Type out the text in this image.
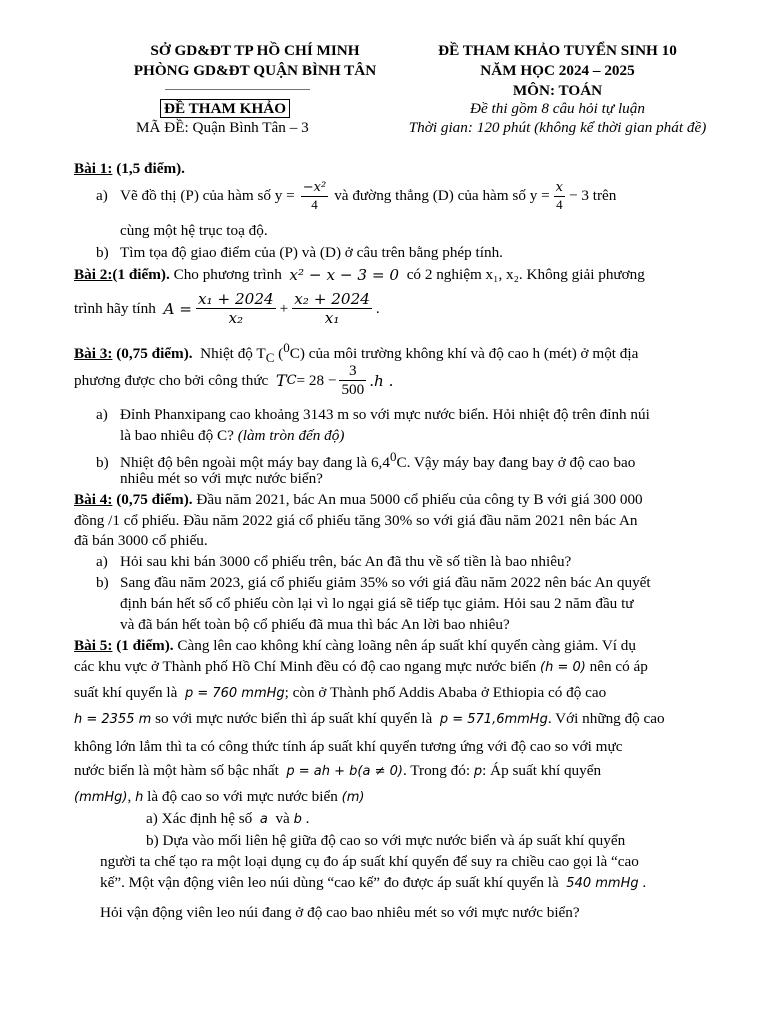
SỞ GD&ĐT TP HỒ CHÍ MINH
PHÒNG GD&ĐT QUẬN BÌNH TÂN
ĐỀ THAM KHẢO TUYỂN SINH 10
NĂM HỌC 2024 – 2025
MÔN: TOÁN
ĐỀ THAM KHẢO
MÃ ĐỀ: Quận Bình Tân – 3
Đề thi gồm 8 câu hỏi tự luận
Thời gian: 120 phút (không kể thời gian phát đề)
Bài 1: (1,5 điểm).
a) Vẽ đồ thị (P) của hàm số $y = \frac{\text{−x²}}{4}$ và đường thẳng (D) của hàm số $y = \frac{x}{4} - 3$ trên
cùng một hệ trục toạ độ.
b) Tìm tọa độ giao điểm của (P) và (D) ở câu trên bằng phép tính.
Bài 2: (1 điểm).
Cho phương trình
x² − x − 3 = 0
có 2 nghiệm x₁, x₂. Không giải phương
trình hãy tính
$A = \frac{\text{x₁ + 2024}}{\text{x₂}} + \frac{\text{x₂ + 2024}}{\text{x₁}}$ .
Bài 3: (0,75 điểm). Nhiệt độ $T_C$ ($^0$C) của môi trường không khí và độ cao h (mét) ở một địa
phương được cho bởi công thức
T $C = 28 - \frac{3}{500} .h$ .
a) Đỉnh Phanxipang cao khoảng 3143 m so với mực nước biển. Hỏi nhiệt độ trên đỉnh núi
là bao nhiêu độ C? (làm tròn đến độ)
b) Nhiệt độ bên ngoài một máy bay đang là $6,4^0C$. Vậy máy bay đang bay ở độ cao bao
nhiêu mét so với mực nước biển?
Bài 4: (0,75 điểm). Đầu năm 2021, bác An mua 5000 cổ phiếu của công ty B với giá 300 000
đồng /1 cổ phiếu. Đầu năm 2022 giá cổ phiếu tăng 30% so với giá đầu năm 2021 nên bác An
đã bán 3000 cổ phiếu.
a) Hỏi sau khi bán 3000 cổ phiếu trên, bác An đã thu về số tiền là bao nhiêu?
b) Sang đầu năm 2023, giá cổ phiếu giảm 35% so với giá đầu năm 2022 nên bác An quyết
định bán hết số cổ phiếu còn lại vì lo ngại giá sẽ tiếp tục giảm. Hỏi sau 2 năm đầu tư
và đã bán hết toàn bộ cổ phiếu đã mua thì bác An lời bao nhiêu?
Bài 5: (1 điểm). Càng lên cao không khí càng loãng nên áp suất khí quyển càng giảm. Ví dụ
các khu vực ở Thành phố Hồ Chí Minh đều có độ cao ngang mực nước biển (h = 0) nên có áp
suất khí quyển là p = 760 mmHg; còn ở Thành phố Addis Ababa ở Ethiopia có độ cao
h = 2355 m so với mực nước biển thì áp suất khí quyển là p = 571,6mmHg. Với những độ cao
không lớn lắm thì ta có công thức tính áp suất khí quyển tương ứng với độ cao so với mực
nước biển là một hàm số bậc nhất p = ah + b(a ≠ 0). Trong đó: p: Áp suất khí quyển
(mmHg), h là độ cao so với mực nước biển (m)
a) Xác định hệ số a và b .
b) Dựa vào mối liên hệ giữa độ cao so với mực nước biển và áp suất khí quyển
người ta chế tạo ra một loại dụng cụ đo áp suất khí quyển để suy ra chiều cao gọi là “cao
kế”. Một vận động viên leo núi dùng “cao kế” đo được áp suất khí quyển là 540 mmHg .
Hỏi vận động viên leo núi đang ở độ cao bao nhiêu mét so với mực nước biển?
